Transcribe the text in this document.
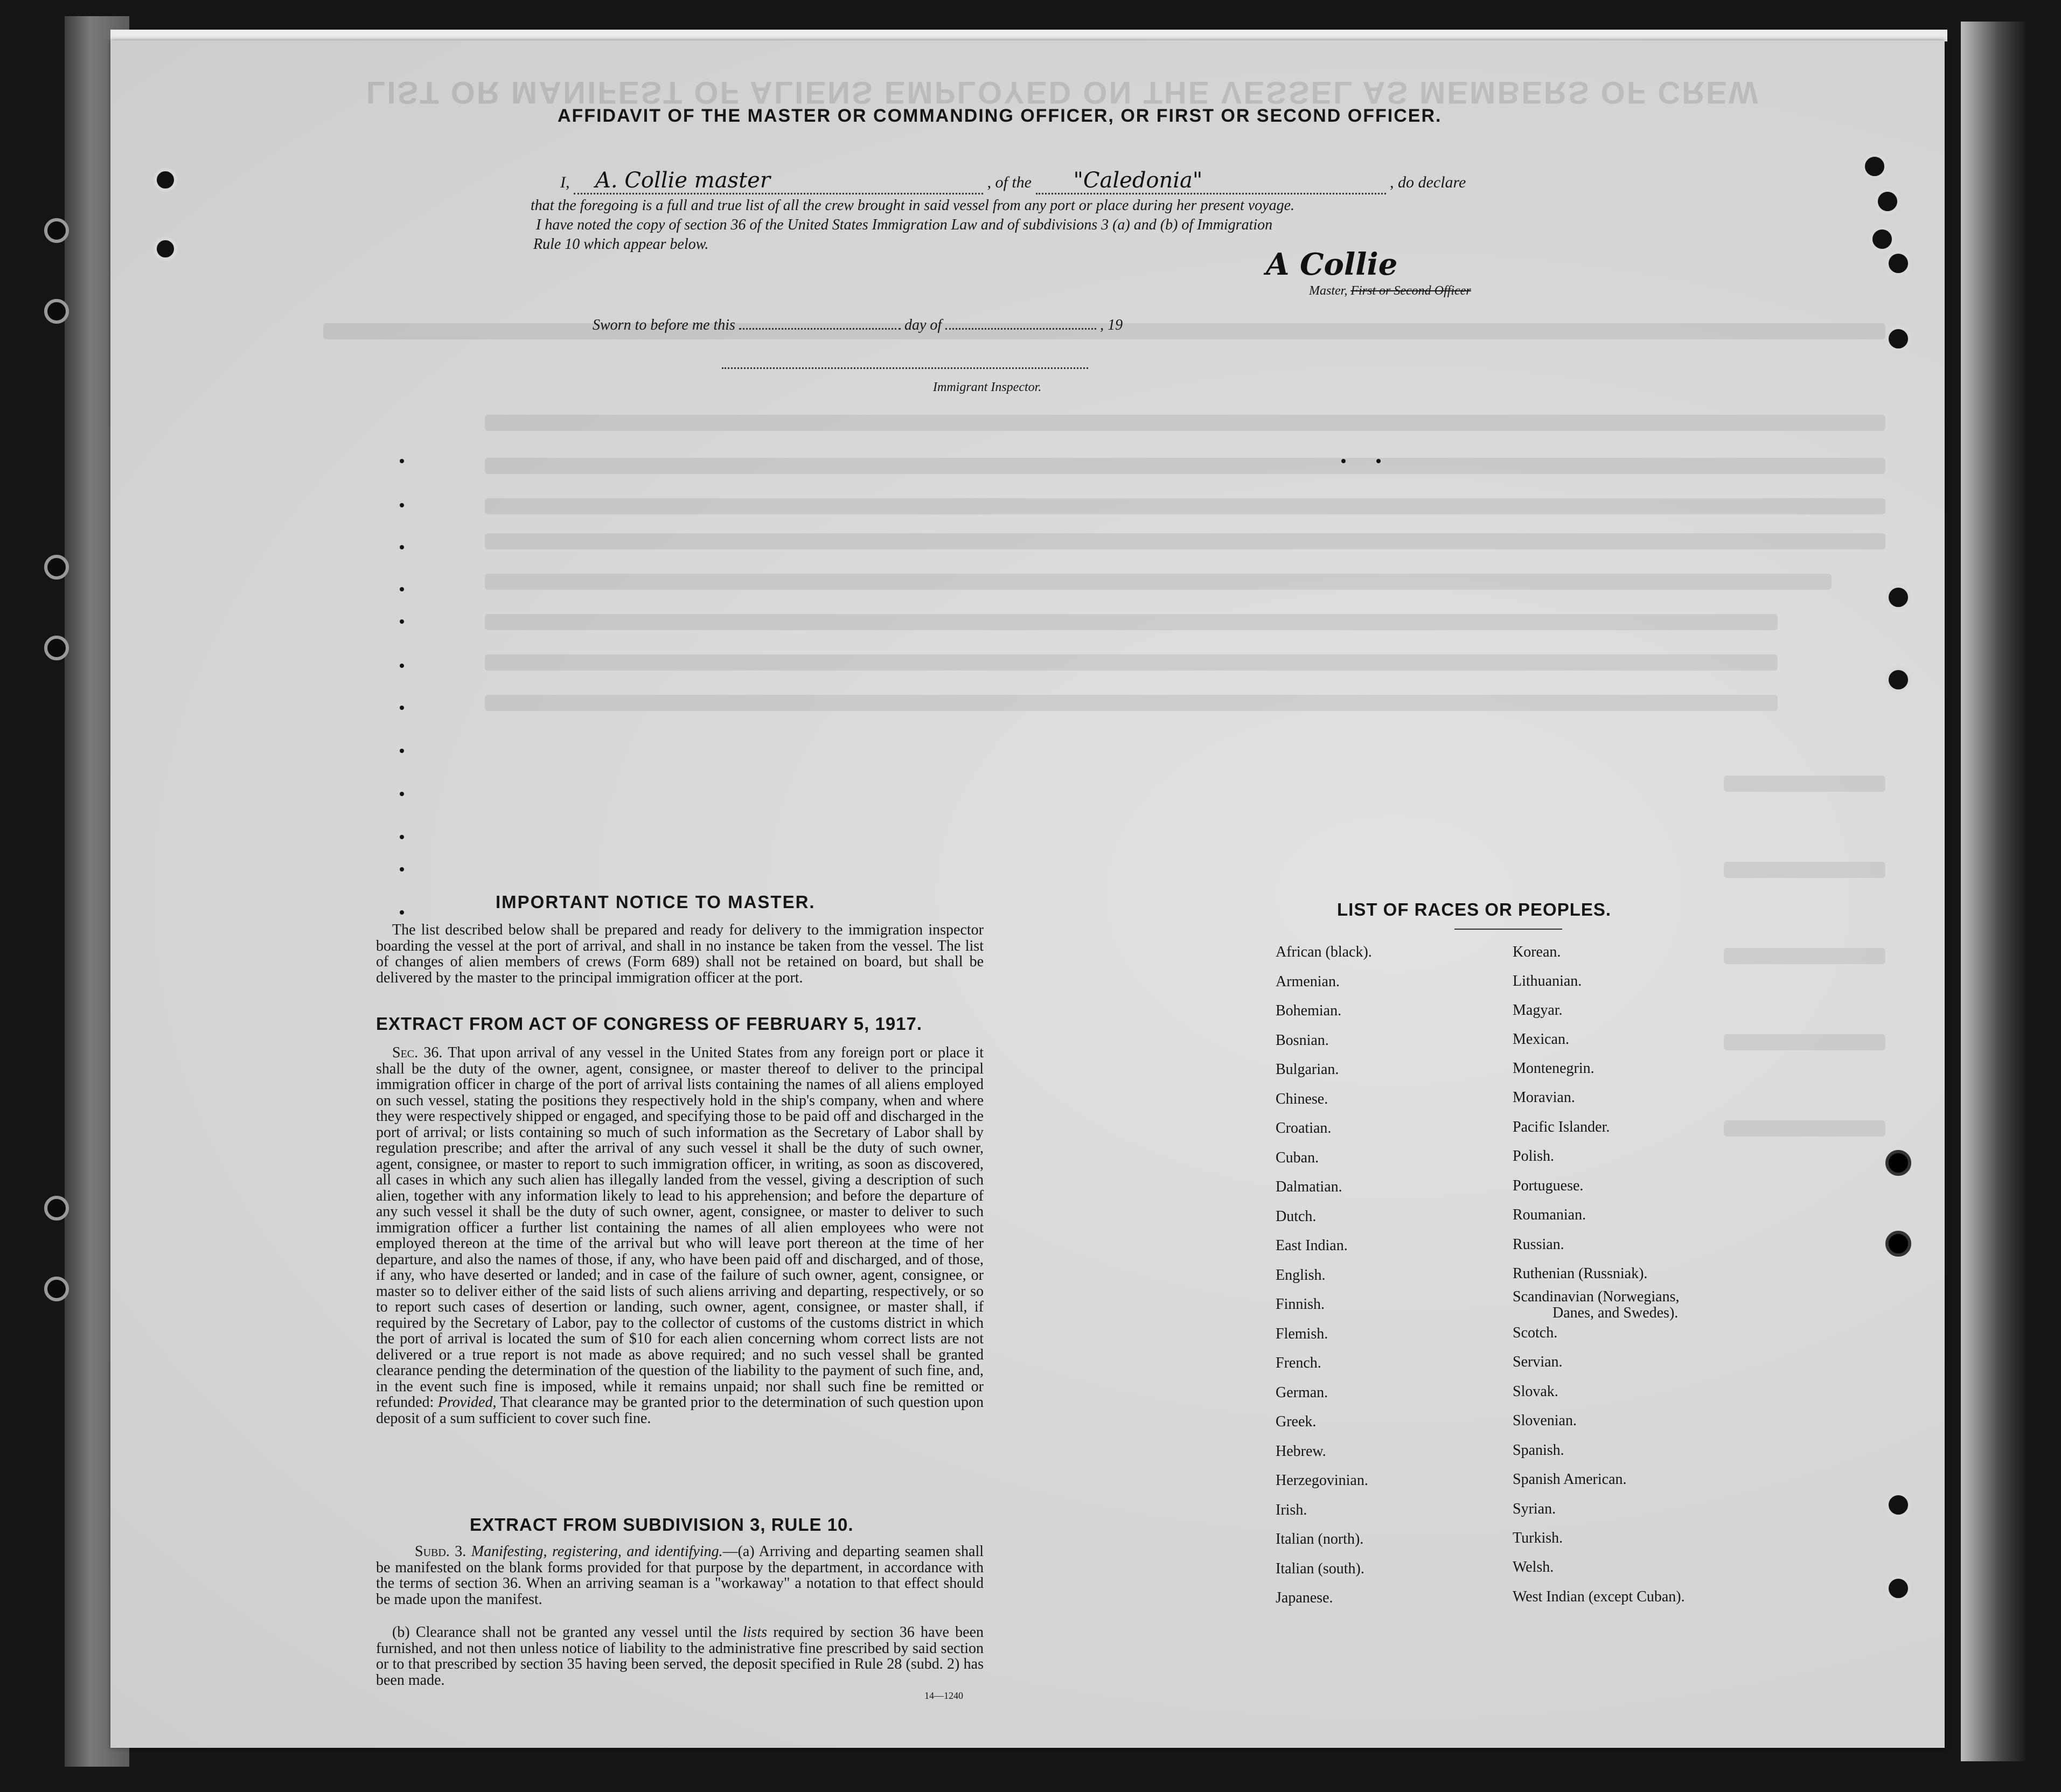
LIST OR MANIFEST OF ALIENS EMPLOYED ON THE VESSEL AS MEMBERS OF CREW
AFFIDAVIT OF THE MASTER OR COMMANDING OFFICER, OR FIRST OR SECOND OFFICER.
I, A. Collie master	, of the "Caledonia"	, do declare
that the foregoing is a full and true list of all the crew brought in said vessel from any port or place during her present voyage.
I have noted the copy of section 36 of the United States Immigration Law and of subdivisions 3 (a) and (b) of Immigration
Rule 10 which appear below.
A Collie
Master, First or Second Officer
Sworn to before me this	day of	, 19
Immigrant Inspector.
IMPORTANT NOTICE TO MASTER.
The list described below shall be prepared and ready for delivery to the immigration inspector boarding the vessel at the port of arrival, and shall in no instance be taken from the vessel. The list of changes of alien members of crews (Form 689) shall not be retained on board, but shall be delivered by the master to the principal immigration officer at the port.
EXTRACT FROM ACT OF CONGRESS OF FEBRUARY 5, 1917.
Sec. 36. That upon arrival of any vessel in the United States from any foreign port or place it shall be the duty of the owner, agent, consignee, or master thereof to deliver to the principal immigration officer in charge of the port of arrival lists containing the names of all aliens employed on such vessel, stating the positions they respectively hold in the ship's company, when and where they were respectively shipped or engaged, and specifying those to be paid off and discharged in the port of arrival; or lists containing so much of such information as the Secretary of Labor shall by regulation prescribe; and after the arrival of any such vessel it shall be the duty of such owner, agent, consignee, or master to report to such immigration officer, in writing, as soon as discovered, all cases in which any such alien has illegally landed from the vessel, giving a description of such alien, together with any information likely to lead to his apprehension; and before the departure of any such vessel it shall be the duty of such owner, agent, consignee, or master to deliver to such immigration officer a further list containing the names of all alien employees who were not employed thereon at the time of the arrival but who will leave port thereon at the time of her departure, and also the names of those, if any, who have been paid off and discharged, and of those, if any, who have deserted or landed; and in case of the failure of such owner, agent, consignee, or master so to deliver either of the said lists of such aliens arriving and departing, respectively, or so to report such cases of desertion or landing, such owner, agent, consignee, or master shall, if required by the Secretary of Labor, pay to the collector of customs of the customs district in which the port of arrival is located the sum of $10 for each alien concerning whom correct lists are not delivered or a true report is not made as above required; and no such vessel shall be granted clearance pending the determination of the question of the liability to the payment of such fine, and, in the event such fine is imposed, while it remains unpaid; nor shall such fine be remitted or refunded: Provided, That clearance may be granted prior to the determination of such question upon deposit of a sum sufficient to cover such fine.
EXTRACT FROM SUBDIVISION 3, RULE 10.
Subd. 3. Manifesting, registering, and identifying.—(a) Arriving and departing seamen shall be manifested on the blank forms provided for that purpose by the department, in accordance with the terms of section 36. When an arriving seaman is a "workaway" a notation to that effect should be made upon the manifest.
(b) Clearance shall not be granted any vessel until the lists required by section 36 have been furnished, and not then unless notice of liability to the administrative fine prescribed by said section or to that prescribed by section 35 having been served, the deposit specified in Rule 28 (subd. 2) has been made.
14—1240
LIST OF RACES OR PEOPLES.
African (black).
Armenian.
Bohemian.
Bosnian.
Bulgarian.
Chinese.
Croatian.
Cuban.
Dalmatian.
Dutch.
East Indian.
English.
Finnish.
Flemish.
French.
German.
Greek.
Hebrew.
Herzegovinian.
Irish.
Italian (north).
Italian (south).
Japanese.
Korean.
Lithuanian.
Magyar.
Mexican.
Montenegrin.
Moravian.
Pacific Islander.
Polish.
Portuguese.
Roumanian.
Russian.
Ruthenian (Russniak).
Scandinavian (Norwegians,
Danes, and Swedes).
Scotch.
Servian.
Slovak.
Slovenian.
Spanish.
Spanish American.
Syrian.
Turkish.
Welsh.
West Indian (except Cuban).
